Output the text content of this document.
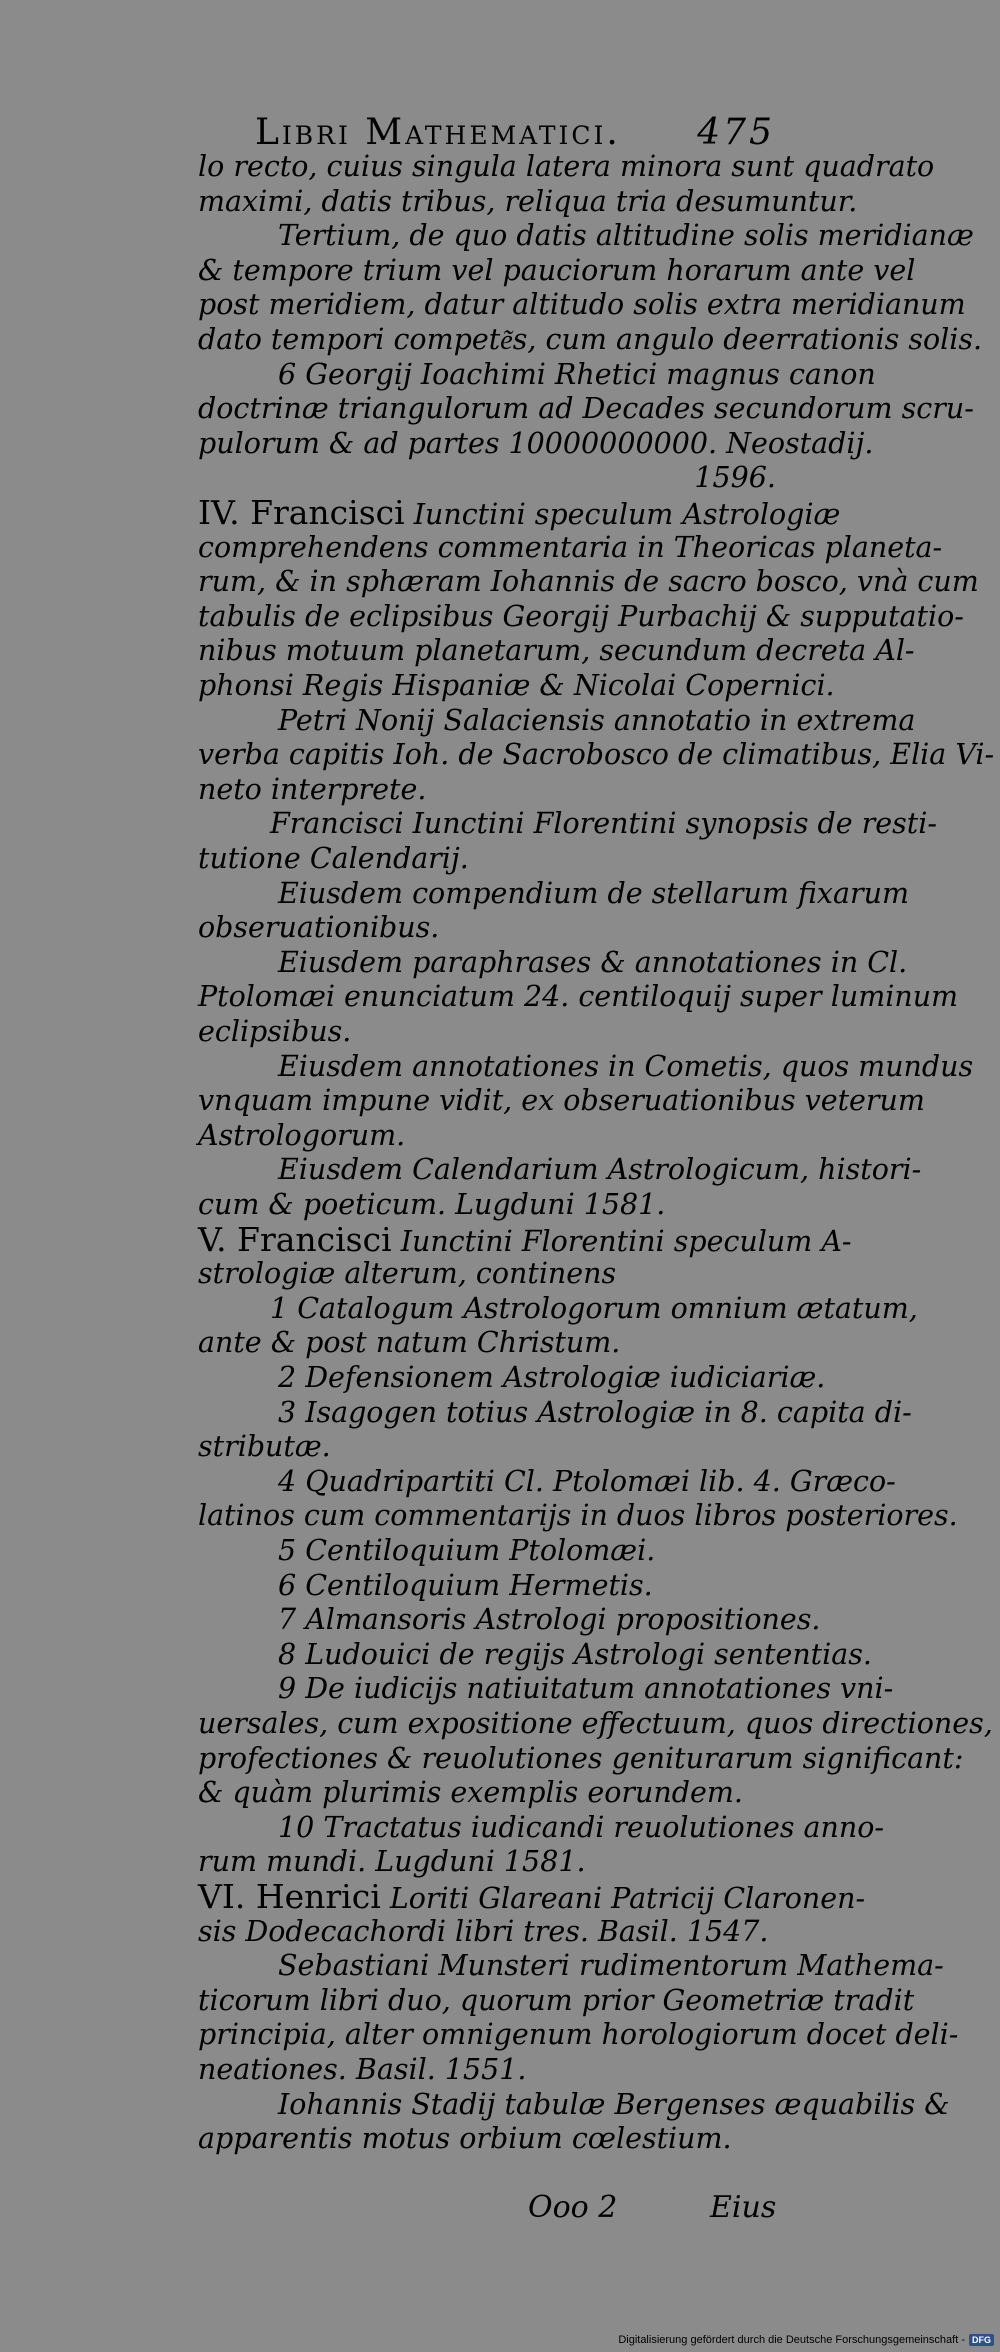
Libri Mathematici. 475
lo recto, cuius singula latera minora sunt quadrato
maximi, datis tribus, reliqua tria desumuntur.
Tertium, de quo datis altitudine solis meridianæ
& tempore trium vel pauciorum horarum ante vel
post meridiem, datur altitudo solis extra meridianum
dato tempori compete͂s, cum angulo deerrationis solis.
6 Georgij Ioachimi Rhetici magnus canon
doctrinæ triangulorum ad Decades secundorum scru-
pulorum & ad partes 10000000000. Neostadij.
1596.
IV. Francisci Iunctini speculum Astrologiæ
comprehendens commentaria in Theoricas planeta-
rum, & in sphæram Iohannis de sacro bosco, vnà cum
tabulis de eclipsibus Georgij Purbachij & supputatio-
nibus motuum planetarum, secundum decreta Al-
phonsi Regis Hispaniæ & Nicolai Copernici.
Petri Nonij Salaciensis annotatio in extrema
verba capitis Ioh. de Sacrobosco de climatibus, Elia Vi-
neto interprete.
Francisci Iunctini Florentini synopsis de resti-
tutione Calendarij.
Eiusdem compendium de stellarum fixarum
obseruationibus.
Eiusdem paraphrases & annotationes in Cl.
Ptolomæi enunciatum 24. centiloquij super luminum
eclipsibus.
Eiusdem annotationes in Cometis, quos mundus
vnquam impune vidit, ex obseruationibus veterum
Astrologorum.
Eiusdem Calendarium Astrologicum, histori-
cum & poeticum. Lugduni 1581.
V. Francisci Iunctini Florentini speculum A-
strologiæ alterum, continens
1 Catalogum Astrologorum omnium ætatum,
ante & post natum Christum.
2 Defensionem Astrologiæ iudiciariæ.
3 Isagogen totius Astrologiæ in 8. capita di-
stributæ.
4 Quadripartiti Cl. Ptolomæi lib. 4. Græco-
latinos cum commentarijs in duos libros posteriores.
5 Centiloquium Ptolomæi.
6 Centiloquium Hermetis.
7 Almansoris Astrologi propositiones.
8 Ludouici de regijs Astrologi sententias.
9 De iudicijs natiuitatum annotationes vni-
uersales, cum expositione effectuum, quos directiones,
profectiones & reuolutiones geniturarum significant:
& quàm plurimis exemplis eorundem.
10 Tractatus iudicandi reuolutiones anno-
rum mundi. Lugduni 1581.
VI. Henrici Loriti Glareani Patricij Claronen-
sis Dodecachordi libri tres. Basil. 1547.
Sebastiani Munsteri rudimentorum Mathema-
ticorum libri duo, quorum prior Geometriæ tradit
principia, alter omnigenum horologiorum docet deli-
neationes. Basil. 1551.
Iohannis Stadij tabulæ Bergenses æquabilis &
apparentis motus orbium cœlestium.
Ooo 2	Eius
Digitalisierung gefördert durch die Deutsche Forschungsgemeinschaft - DFG
